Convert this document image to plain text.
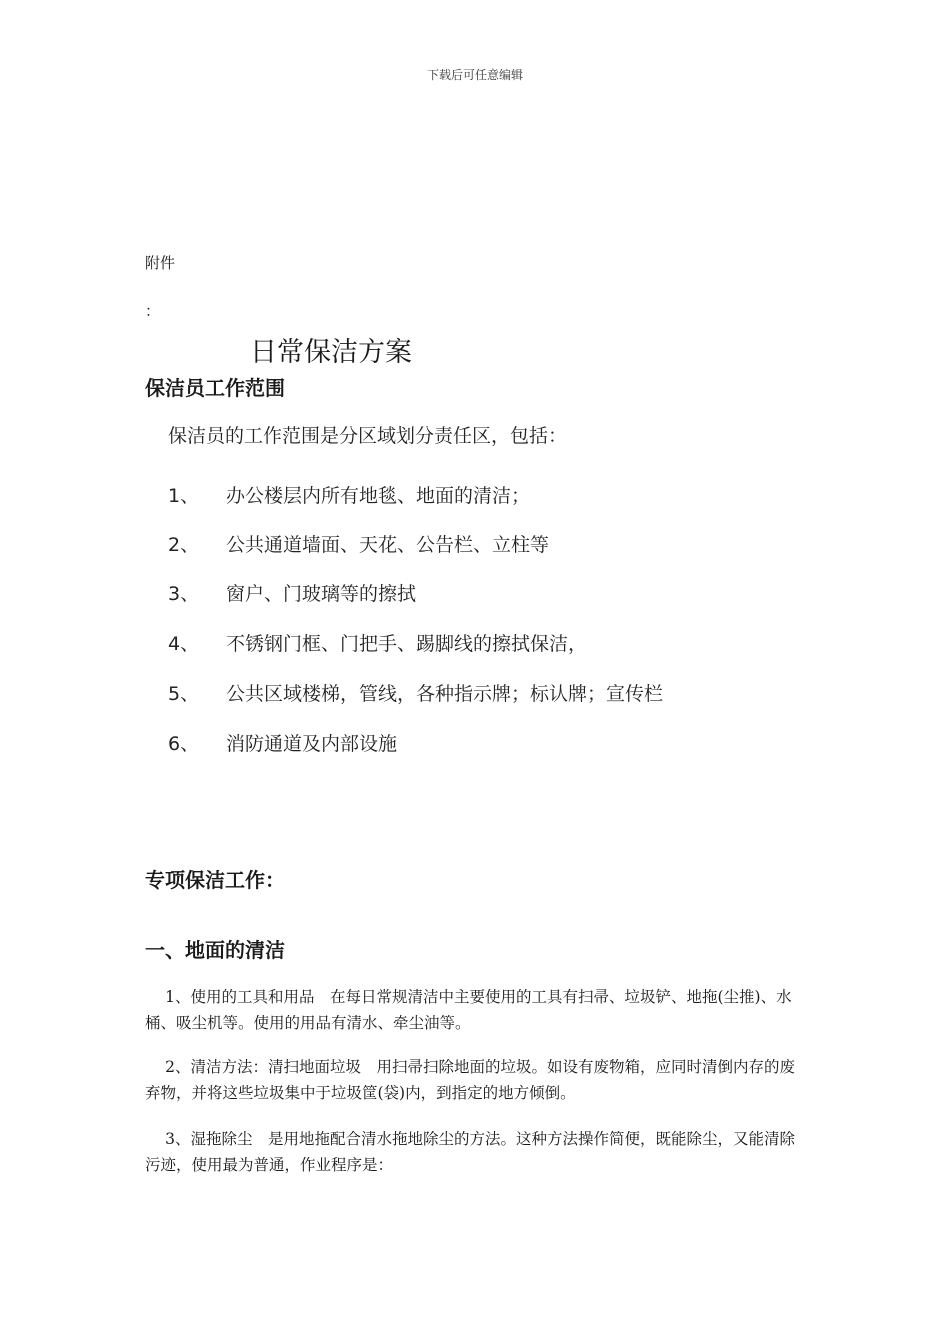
下载后可任意编辑
附件
：
日常保洁方案
保洁员工作范围
保洁员的工作范围是分区域划分责任区，包括：
1、 办公楼层内所有地毯、地面的清洁；
2、 公共通道墙面、天花、公告栏、立柱等
3、 窗户、门玻璃等的擦拭
4、 不锈钢门框、门把手、踢脚线的擦拭保洁，
5、 公共区域楼梯，管线，各种指示牌；标认牌；宣传栏
6、 消防通道及内部设施
专项保洁工作：
一、地面的清洁
1、使用的工具和用品　在每日常规清洁中主要使用的工具有扫帚、垃圾铲、地拖(尘推)、水桶、吸尘机等。使用的用品有清水、牵尘油等。
2、清洁方法：清扫地面垃圾　用扫帚扫除地面的垃圾。如设有废物箱，应同时清倒内存的废弃物，并将这些垃圾集中于垃圾筐(袋)内，到指定的地方倾倒。
3、湿拖除尘　是用地拖配合清水拖地除尘的方法。这种方法操作简便，既能除尘，又能清除污迹，使用最为普通，作业程序是：
